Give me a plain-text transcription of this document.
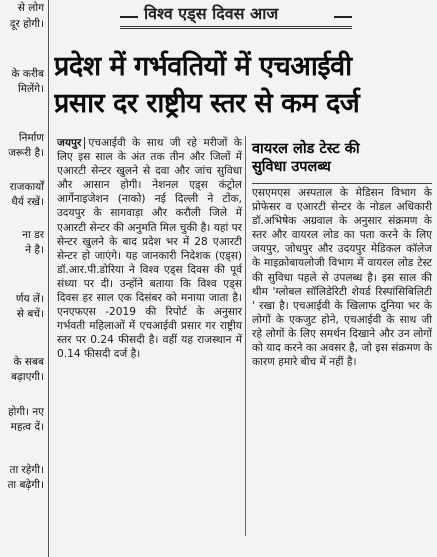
से लोग
दूर होगी।
के करीब
मिलेंगे।
निर्माण
जरूरी है।
राजकार्यों
धैर्य रखें।
ना डर
ने है।
र्णय लें।
से बचें।
के सबब
बढ़ाएगी।
होगी। नए
महत्व दें।
ता रहेगी।
ता बढ़ेगी।
विश्व एड्स दिवस आज
प्रदेश में गर्भवतियों में एचआईवी
प्रसार दर राष्ट्रीय स्तर से कम दर्ज

जयपुर एचआईवी के साथ जी रहे मरीजों के लिए इस साल के अंत तक तीन और जिलों में एआरटी सेन्टर खुलने से दवा और जांच सुविधा और आसान होगी। नेशनल एड्स कंट्रोल आर्गेनाइजेशन (नाको) नई दिल्ली ने टोंक, उदयपुर के सागवाड़ा और करौली जिले में एआरटी सेन्टर की अनुमति मिल चुकी है। यहां पर सेन्टर खुलने के बाद प्रदेश भर में 28 एआरटी सेन्टर हो जाएंगे। यह जानकारी निदेशक (एड्स) डॉ.आर.पी.डोरिया ने विश्व एड्स दिवस की पूर्व संध्या पर दी। उन्होंने बताया कि विश्व एड्स दिवस हर साल एक दिसंबर को मनाया जाता है। एनएफएस -2019 की रिपोर्ट के अनुसार गर्भवती महिलाओं में एचआईवी प्रसार गर राष्ट्रीय स्तर पर 0.24 फीसदी है। वहीं यह राजस्थान में 0.14 फीसदी दर्ज है।

वायरल लोड टेस्ट की
सुविधा उपलब्ध

एसएमएस अस्पताल के मेडिसन विभाग के प्रोफेसर व एआरटी सेन्टर के नोडल अधिकारी डॉ.अभिषेक अग्रवाल के अनुसार संक्रमण के स्तर और वायरल लोड का पता करने के लिए जयपुर, जोधपुर और उदयपुर मेडिकल कॉलेज के माइक्रोबायलोजी विभाग में वायरल लोड टेस्ट की सुविधा पहले से उपलब्ध है। इस साल की थीम 'ग्लोबल सॉलिडेरिटी शेयर्ड रिस्पांसिबिलिटी ' रखा है। एचआईवी के खिलाफ दुनिया भर के लोगों के एकजुट होने, एचआईवी के साथ जी रहे लोगों के लिए समर्थन दिखाने और उन लोगों को याद करने का अवसर है, जो इस संक्रमण के कारण हमारे बीच में नहीं है।
